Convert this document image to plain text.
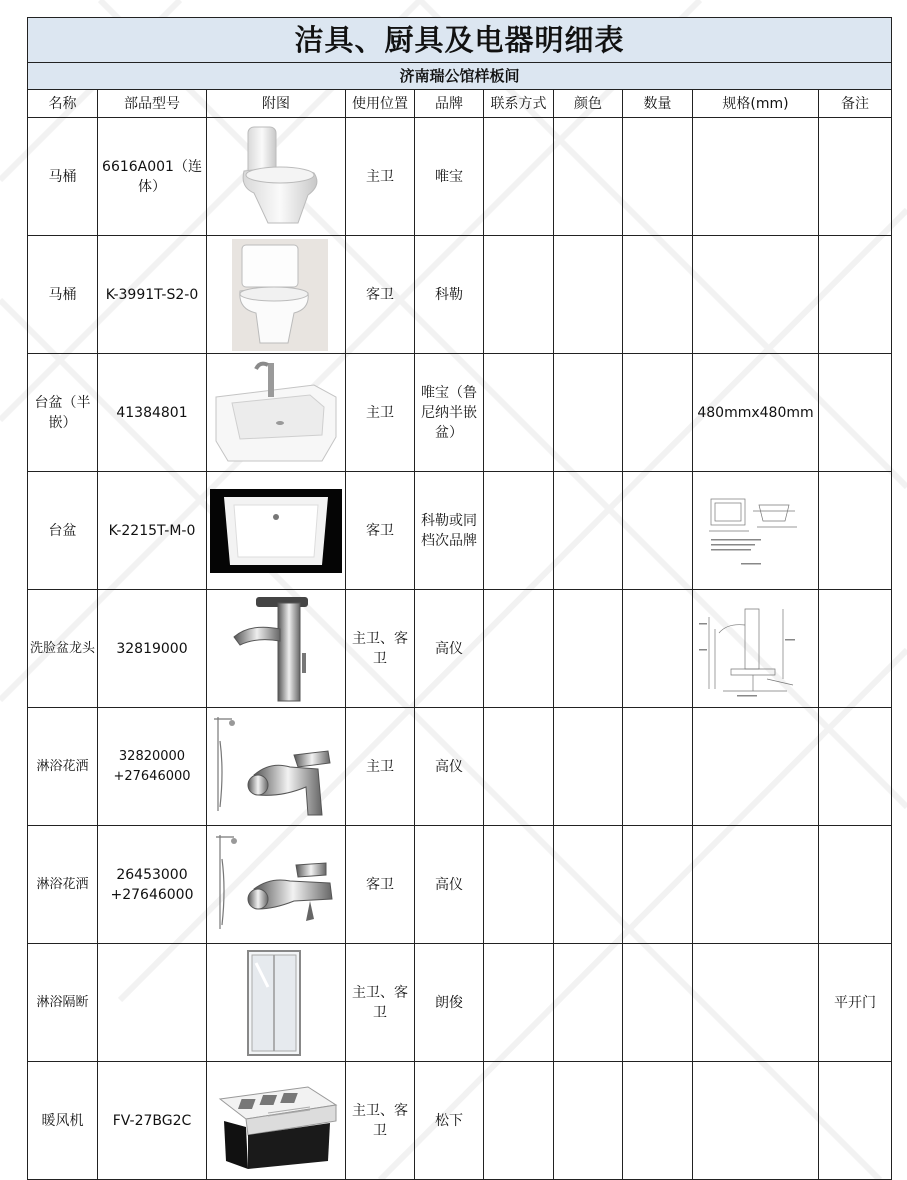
洁具、厨具及电器明细表									
济南瑞公馆样板间									
名称	部品型号	附图	使用位置	品牌	联系方式	颜色	数量	规格(mm)	备注
马桶	6616A001（连体）		主卫	唯宝					
马桶	K-3991T-S2-0		客卫	科勒					
台盆（半嵌）	41384801		主卫	唯宝（鲁尼纳半嵌盆）				480mmx480mm	
台盆	K-2215T-M-0		客卫	科勒或同档次品牌				

洗脸盆龙头	32819000		主卫、客卫	高仪				

淋浴花洒	32820000 +27646000		主卫	高仪					
淋浴花洒	26453000 +27646000		客卫	高仪					
淋浴隔断			主卫、客卫	朗俊					平开门
暖风机	FV-27BG2C		主卫、客卫	松下					
